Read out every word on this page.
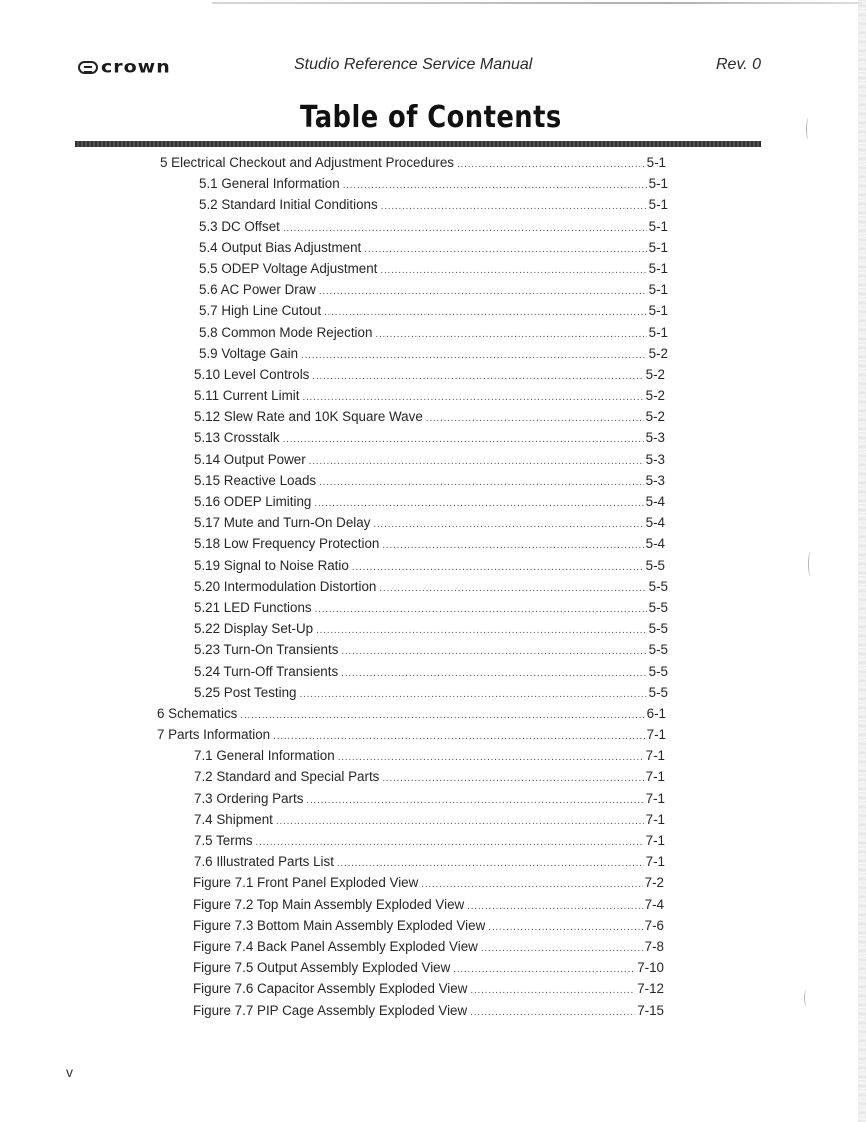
crown	Studio Reference Service Manual	Rev. 0
Table of Contents
5 Electrical Checkout and Adjustment Procedures . . .	5-1
5.1 General Information . . .	5-1
5.2 Standard Initial Conditions . . .	5-1
5.3 DC Offset . . .	5-1
5.4 Output Bias Adjustment . . .	5-1
5.5 ODEP Voltage Adjustment . . .	5-1
5.6 AC Power Draw . . .	5-1
5.7 High Line Cutout . . .	5-1
5.8 Common Mode Rejection . . .	5-1
5.9 Voltage Gain . . .	5-2
5.10 Level Controls . . .	5-2
5.11 Current Limit . . .	5-2
5.12 Slew Rate and 10K Square Wave . . .	5-2
5.13 Crosstalk . . .	5-3
5.14 Output Power . . .	5-3
5.15 Reactive Loads . . .	5-3
5.16 ODEP Limiting . . .	5-4
5.17 Mute and Turn-On Delay . . .	5-4
5.18 Low Frequency Protection . . .	5-4
5.19 Signal to Noise Ratio . . .	5-5
5.20 Intermodulation Distortion . . .	5-5
5.21 LED Functions . . .	5-5
5.22 Display Set-Up . . .	5-5
5.23 Turn-On Transients . . .	5-5
5.24 Turn-Off Transients . . .	5-5
5.25 Post Testing . . .	5-5
6 Schematics . . .	6-1
7 Parts Information . . .	7-1
7.1 General Information . . .	7-1
7.2 Standard and Special Parts . . .	7-1
7.3 Ordering Parts . . .	7-1
7.4 Shipment . . .	7-1
7.5 Terms . . .	7-1
7.6 Illustrated Parts List . . .	7-1
Figure 7.1 Front Panel Exploded View . . .	7-2
Figure 7.2 Top Main Assembly Exploded View . . .	7-4
Figure 7.3 Bottom Main Assembly Exploded View . . .	7-6
Figure 7.4 Back Panel Assembly Exploded View . . .	7-8
Figure 7.5 Output Assembly Exploded View . . .	7-10
Figure 7.6 Capacitor Assembly Exploded View . . .	7-12
Figure 7.7 PIP Cage Assembly Exploded View . . .	7-15
v
